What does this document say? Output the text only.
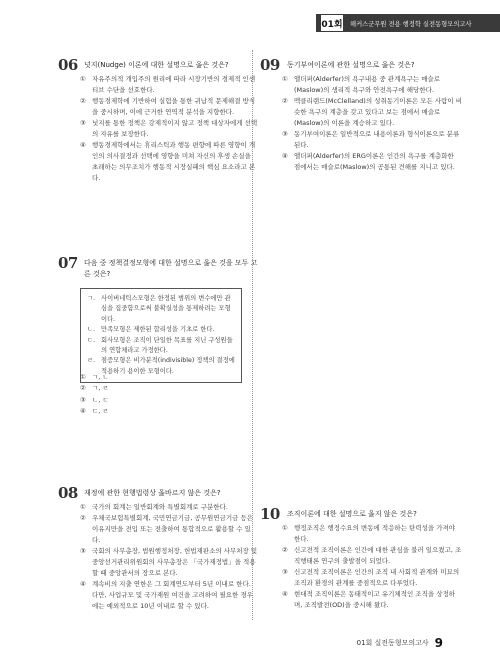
01회 해커스군무원 전용 행정학 실전동형모의고사
06 넛지(Nudge) 이론에 대한 설명으로 옳은 것은?
① 자유주의적 개입주의 원리에 따라 시장기반의 경제적 인센티브 수단을 선호한다.
② 행동경제학에 기반하여 실험을 통한 귀납적 문제해결 방식을 중시하며, 이에 근거한 연역적 분석을 지향한다.
③ 넛지를 통한 정책은 강제적이지 않고 정책 대상자에게 선택의 자유를 보장한다.
④ 행동경제학에서는 휴리스틱과 행동 편향에 따른 영향이 개인의 의사결정과 선택에 영향을 미쳐 자신의 후생 손실을 초래하는 의무조치가 행동적 시장실패의 핵심 요소라고 본다.
07 다음 중 정책결정모형에 대한 설명으로 옳은 것을 모두 고른 것은?
ㄱ. 사이버네틱스모형은 한정된 범위의 변수에만 관심을 집중함으로써 불확실성을 통제하려는 모형이다.
ㄴ. 만족모형은 제한된 합리성을 기초로 한다.
ㄷ. 회사모형은 조직이 단일한 목표를 지닌 구성원들의 연합체라고 가정한다.
ㄹ. 점증모형은 비가분적(indivisible) 정책의 결정에 적용하기 용이한 모형이다.
① ㄱ, ㄴ
② ㄱ, ㄹ
③ ㄴ, ㄷ
④ ㄷ, ㄹ
08 재정에 관한 현행법령상 옳바르지 않은 것은?
① 국가의 회계는 일반회계와 특별회계로 구분한다.
② 우체국보험특별회계, 국민연금기금, 공무원연금기금 등은 이유지만을 전입 또는 전출하여 통합적으로 활용할 수 있다.
③ 국회의 사무총장, 법원행정처장, 헌법재판소의 사무처장 및 중앙선거관리위원회의 사무총장은 「국가재정법」을 적용할 때 중앙관서의 장으로 본다.
④ 계속비의 지출 연한은 그 회계연도부터 5년 이내로 한다. 다만, 사업규모 및 국가재원 여건을 고려하여 필요한 경우에는 예외적으로 10년 이내로 할 수 있다.
09 동기부여이론에 관한 설명으로 옳은 것은?
① 앨더퍼(Alderfer)의 욕구내용 중 관계욕구는 매슬로(Maslow)의 생리적 욕구와 안전욕구에 해당한다.
② 맥클리랜드(McClelland)의 성취동기이론은 모든 사람이 비슷한 욕구의 계층을 갖고 있다고 보는 점에서 매슬로(Maslow)의 이론을 계승하고 있다.
③ 동기부여이론은 일반적으로 내용이론과 형식이론으로 분류된다.
④ 앨더퍼(Alderfer)의 ERG이론은 인간의 욕구를 계층화한 점에서는 매슬로(Maslow)의 공통된 견해를 지니고 있다.
10 조직이론에 대한 설명으로 옳지 않은 것은?
① 행정조직은 행정수요의 변동에 적응하는 탄력성을 가져야 한다.
② 신고전적 조직이론은 인간에 대한 관심을 불러 일으켰고, 조직행태론 연구의 출발점이 되었다.
③ 신고전적 조직이론은 인간의 조직 내 사회적 관계와 미묘의 조직과 환경의 관계를 중점적으로 다루었다.
④ 현대적 조직이론은 동태적이고 유기체적인 조직을 상정하며, 조직발전(OD)을 중시해 왔다.
01회 실전동형모의고사 9
